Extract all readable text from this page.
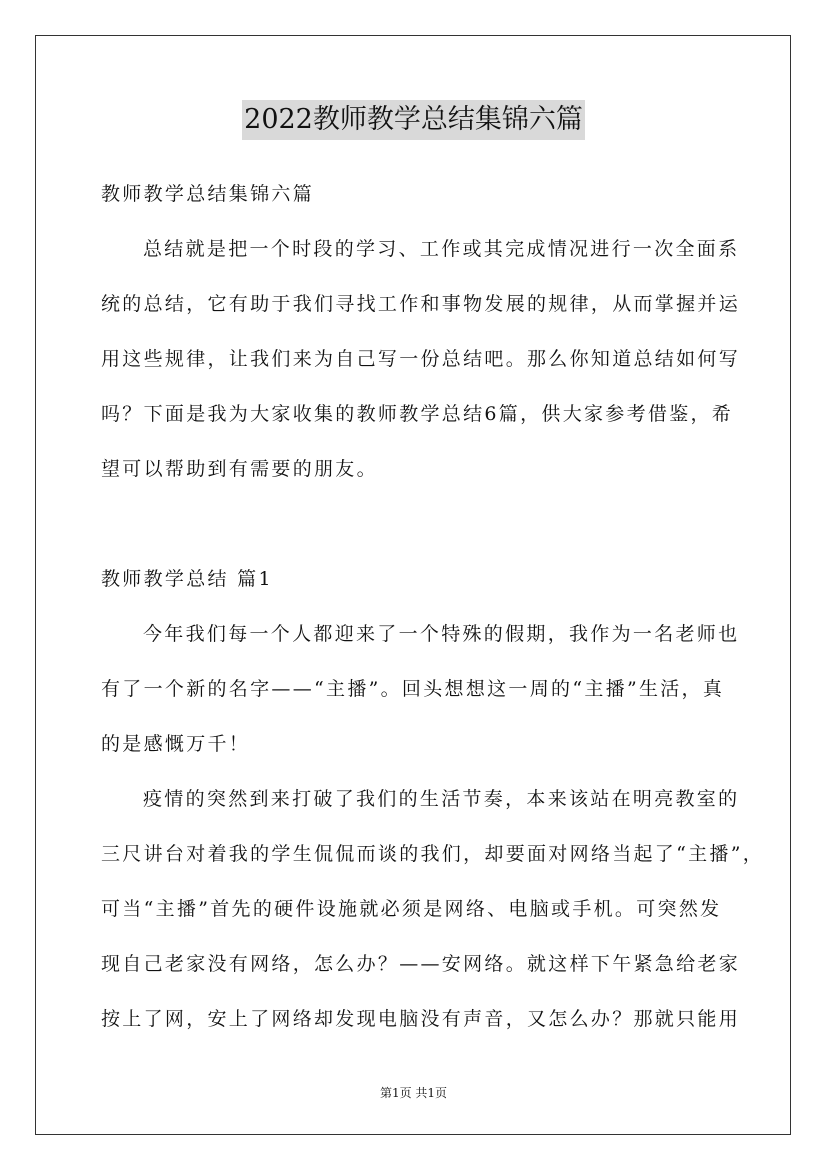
2022教师教学总结集锦六篇
教师教学总结集锦六篇
总结就是把一个时段的学习、工作或其完成情况进行一次全面系
统的总结，它有助于我们寻找工作和事物发展的规律，从而掌握并运
用这些规律，让我们来为自己写一份总结吧。那么你知道总结如何写
吗？下面是我为大家收集的教师教学总结6篇，供大家参考借鉴，希
望可以帮助到有需要的朋友。
教师教学总结 篇1
今年我们每一个人都迎来了一个特殊的假期，我作为一名老师也
有了一个新的名字——“主播”。回头想想这一周的“主播”生活，真
的是感慨万千！
疫情的突然到来打破了我们的生活节奏，本来该站在明亮教室的
三尺讲台对着我的学生侃侃而谈的我们，却要面对网络当起了“主播”，
可当“主播”首先的硬件设施就必须是网络、电脑或手机。可突然发
现自己老家没有网络，怎么办？——安网络。就这样下午紧急给老家
按上了网，安上了网络却发现电脑没有声音，又怎么办？那就只能用
第1页 共1页
